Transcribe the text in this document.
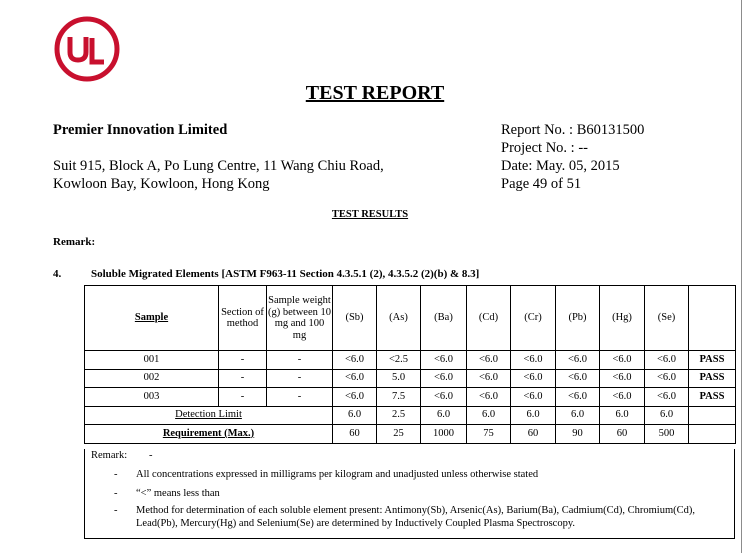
TEST REPORT
Premier Innovation Limited
Suit 915, Block A, Po Lung Centre, 11 Wang Chiu Road,
Kowloon Bay, Kowloon, Hong Kong
Report No. : B60131500
Project No. : --
Date: May. 05, 2015
Page 49 of 51
TEST RESULTS
Remark:
4.	Soluble Migrated Elements [ASTM F963-11 Section 4.3.5.1 (2), 4.3.5.2 (2)(b) & 8.3]
Sample	Section of method	Sample weight (g) between 10 mg and 100 mg	(Sb)	(As)	(Ba)	(Cd)	(Cr)	(Pb)	(Hg)	(Se)	
001	-	-	<6.0	<2.5	<6.0	<6.0	<6.0	<6.0	<6.0	<6.0	PASS
002	-	-	<6.0	5.0	<6.0	<6.0	<6.0	<6.0	<6.0	<6.0	PASS
003	-	-	<6.0	7.5	<6.0	<6.0	<6.0	<6.0	<6.0	<6.0	PASS
Detection Limit			6.0	2.5	6.0	6.0	6.0	6.0	6.0	6.0	
Requirement (Max.)			60	25	1000	75	60	90	60	500	
Remark: -
- All concentrations expressed in milligrams per kilogram and unadjusted unless otherwise stated
- “<” means less than
- Method for determination of each soluble element present: Antimony(Sb), Arsenic(As), Barium(Ba), Cadmium(Cd), Chromium(Cd), Lead(Pb), Mercury(Hg) and Selenium(Se) are determined by Inductively Coupled Plasma Spectroscopy.
